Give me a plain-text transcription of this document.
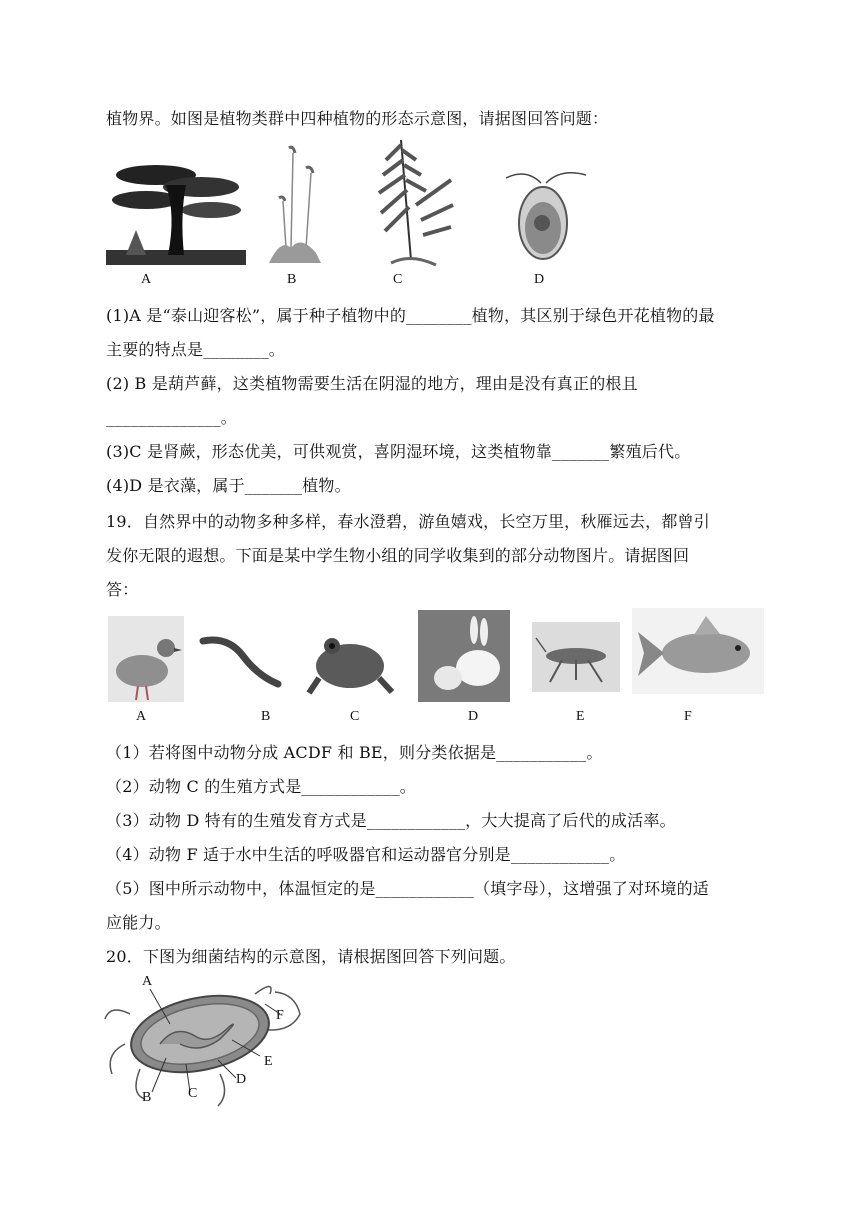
植物界。如图是植物类群中四种植物的形态示意图，请据图回答问题：
A	B	C	D
(1)A 是“泰山迎客松”，属于种子植物中的________植物，其区别于绿色开花植物的最
主要的特点是________。
(2) B 是葫芦藓，这类植物需要生活在阴湿的地方，理由是没有真正的根且
______________。
(3)C 是肾蕨，形态优美，可供观赏，喜阴湿环境，这类植物靠_______繁殖后代。
(4)D 是衣藻，属于_______植物。
19．自然界中的动物多种多样，春水澄碧，游鱼嬉戏，长空万里，秋雁远去，都曾引
发你无限的遐想。下面是某中学生物小组的同学收集到的部分动物图片。请据图回
答：
A	B	C	D	E	F
（1）若将图中动物分成 ACDF 和 BE，则分类依据是___________。
（2）动物 C 的生殖方式是____________。
（3）动物 D 特有的生殖发育方式是____________，大大提高了后代的成活率。
（4）动物 F 适于水中生活的呼吸器官和运动器官分别是____________。
（5）图中所示动物中，体温恒定的是____________（填字母），这增强了对环境的适
应能力。
20．下图为细菌结构的示意图，请根据图回答下列问题。
A
B	C
D
E
F
